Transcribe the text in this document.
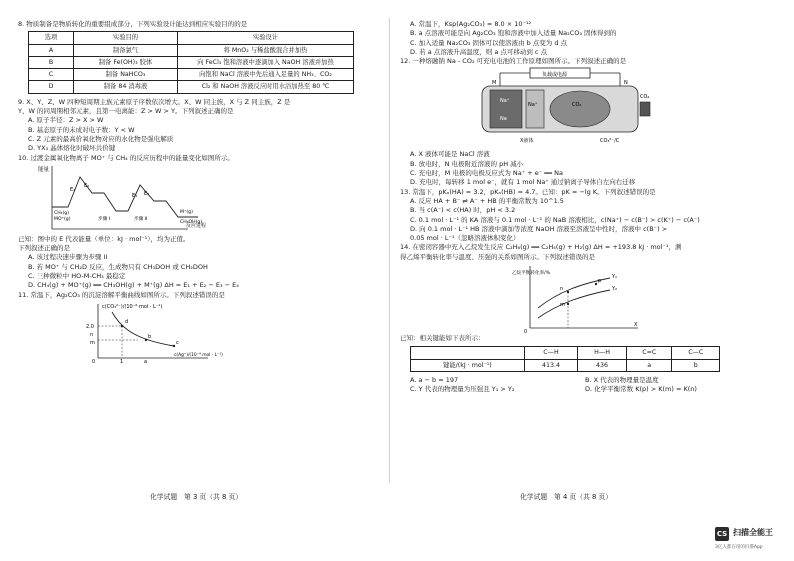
8. 物质制备是物质转化的重要组成部分，下列实验设计能达到相应实验目的的是
选项	实验目的	实验设计
A	制备氯气	将 MnO₂ 与稀盐酸混合并加热
B	制备 Fe(OH)₃ 胶体	向 FeCl₃ 饱和溶液中逐滴加入 NaOH 溶液并加热
C	制备 NaHCO₃	向饱和 NaCl 溶液中先后通入足量的 NH₃、CO₂
D	制备 84 消毒液	Cl₂ 和 NaOH 溶液反应时用水浴加热至 80 ℃
9. X、Y、Z、W 四种短周期主族元素原子序数依次增大。X、W 同主族，X 与 Z 同主族，Z 是
Y、W 的同周期相邻元素，且第一电离能：Z > W > Y。下列叙述正确的是
A. 原子半径：Z > X > W
B. 基态原子的未成对电子数：Y < W
C. Z 元素的最高价氧化物对应的水化物是强电解质
D. YX₃ 晶体熔化时破坏共价键
10. 过渡金属氧化物离子 MO⁺ 与 CH₄ 的反应历程中的能量变化如图所示。
能量
反应进程
E₁
E₂
E₃ E₄
CH₄(g)
MO⁺(g)	步骤 I	步骤 II
M⁺(g)
CH₃OH(g)
已知：图中的 E 代表能量（单位：kJ · mol⁻¹），均为正值。
下列叙述正确的是
A. 该过程决速步骤为步骤 II
B. 若 MO⁺ 与 CH₂D 反应，生成物只有 CH₃DOH 或 CH₂DOH
C. 三种微粒中 HO-M-CH₃ 最稳定
D. CH₄(g) + MO⁺(g) ══ CH₃OH(g) + M⁺(g) ΔH = E₁ + E₂ − E₃ − E₄
11. 常温下，Ag₂CO₃ 的沉淀溶解平衡曲线如图所示。下列叙述错误的是
c(CO₃²⁻)/(10⁻⁶ mol · L⁻¹)
c(Ag⁺)/(10⁻⁴ mol · L⁻¹)
2.0
n
m
0	1	a
d
b
c
化学试题　第 3 页（共 8 页）
A. 常温下，Ksp(Ag₂CO₃) = 8.0 × 10⁻¹²
B. a 点溶液可能是向 Ag₂CO₃ 饱和溶液中加入适量 Na₂CO₃ 固体得到的
C. 加入适量 Na₂CO₃ 固体可以使溶液由 b 点变为 d 点
D. 若 a 点溶液升高温度，则 a 点可移动到 c 点
12. 一种熔融钠 Na - CO₂ 可充电电池的工作原理如图所示。下列叙述正确的是
负载或电源
Na⁺
Na⁺
Na
CO₂
X液体	CO₃²⁻/C
CO₂
M	N
A. X 液体可能是 NaCl 溶液
B. 放电时，N 电极附近溶液的 pH 减小
C. 充电时，M 电极的电极反应式为 Na⁺ + e⁻ ══ Na
D. 充电时，每转移 1 mol e⁻，就有 1 mol Na⁺ 通过钠离子导体自左向右迁移
13. 常温下，pKₐ(HA) = 3.2，pKₐ(HB) = 4.7。已知：pK = −lg K。下列叙述错误的是
A. 反应 HA + B⁻ ⇌ A⁻ + HB 的平衡常数为 10^1.5
B. 当 c(A⁻) < c(HA) 时，pH < 3.2
C. 0.1 mol · L⁻¹ 的 KA 溶液与 0.1 mol · L⁻¹ 的 NaB 溶液相比，c(Na⁺) − c(B⁻) > c(K⁺) − c(A⁻)
D. 向 0.1 mol · L⁻¹ HB 溶液中滴加等浓度 NaOH 溶液至溶液呈中性时，溶液中 c(B⁻) >
0.05 mol · L⁻¹（忽略溶液体积变化）
14. 在密闭容器中充入乙烷发生反应 C₂H₆(g) ══ C₂H₄(g) + H₂(g) ΔH = +193.8 kJ · mol⁻¹，测
得乙烯平衡转化率与温度、压强的关系如图所示。下列叙述错误的是
乙烷平衡转化率/%
X
Y₁
Y₂
n
m
p
0
已知：相关键能如下表所示：
	C—H	H—H	C=C	C—C
键能/(kJ · mol⁻¹)	413.4	436	a	b
A. a − b = 197	B. X 代表的物理量是温度
C. Y 代表的物理量为压强且 Y₁ > Y₂	D. 化学平衡常数 K(p) > K(m) = K(n)
化学试题　第 4 页（共 8 页）
CS 扫描全能王
3亿人都在用的扫描App
